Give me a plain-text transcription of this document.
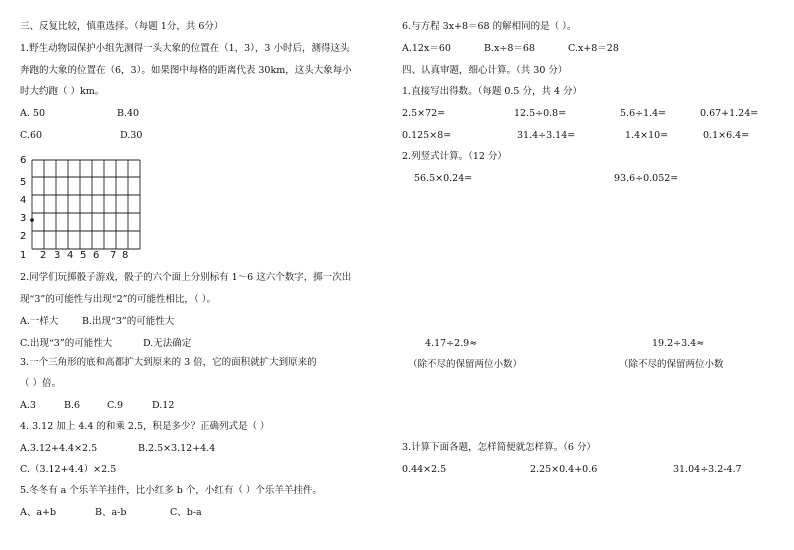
三、反复比较，慎重选择。（每题 1分，共 6分）
1.野生动物园保护小组先测得一头大象的位置在（1，3），3 小时后，测得这头
奔跑的大象的位置在（6，3）。如果图中每格的距离代表 30km，这头大象每小
时大约跑（ ）km。
A. 50	B.40
C.60	D.30
6
5
4
3
2
1 2 3 4 5 6 7 8
2.同学们玩掷骰子游戏，骰子的六个面上分别标有 1～6 这六个数字，掷一次出
现“3”的可能性与出现“2”的可能性相比，（ ）。
A.一样大 B.出现“3”的可能性大
C.出现“3”的可能性大	D.无法确定
3.一个三角形的底和高都扩大到原来的 3 倍，它的面积就扩大到原来的
（ ）倍。
A.3	B.6	C.9	D.12
4. 3.12 加上 4.4 的和乘 2.5，积是多少？正确列式是（ ）
A.3.12+4.4×2.5	B.2.5×3.12+4.4
C.（3.12+4.4）×2.5
5.冬冬有 a 个乐羊羊挂件，比小红多 b 个，小红有（ ）个乐羊羊挂件。
A、a+b	B、a-b	C、b-a
6.与方程 3x+8＝68 的解相同的是（ ）。
A.12x＝60	B.x÷8＝68	C.x+8＝28
四、认真审题，细心计算。（共 30 分）
1.直接写出得数。（每题 0.5 分，共 4 分）
2.5×72=	12.5÷0.8=	5.6÷1.4=	0.67+1.24=
0.125×8=	31.4÷3.14=	1.4×10=	0.1×6.4=
2.列竖式计算。（12 分）
56.5×0.24=	93.6÷0.052=
4.17÷2.9≈	19.2÷3.4≈
（除不尽的保留两位小数）	（除不尽的保留两位小数
3.计算下面各题，怎样简便就怎样算。（6 分）
0.44×2.5	2.25×0.4+0.6	31.04÷3.2-4.7
